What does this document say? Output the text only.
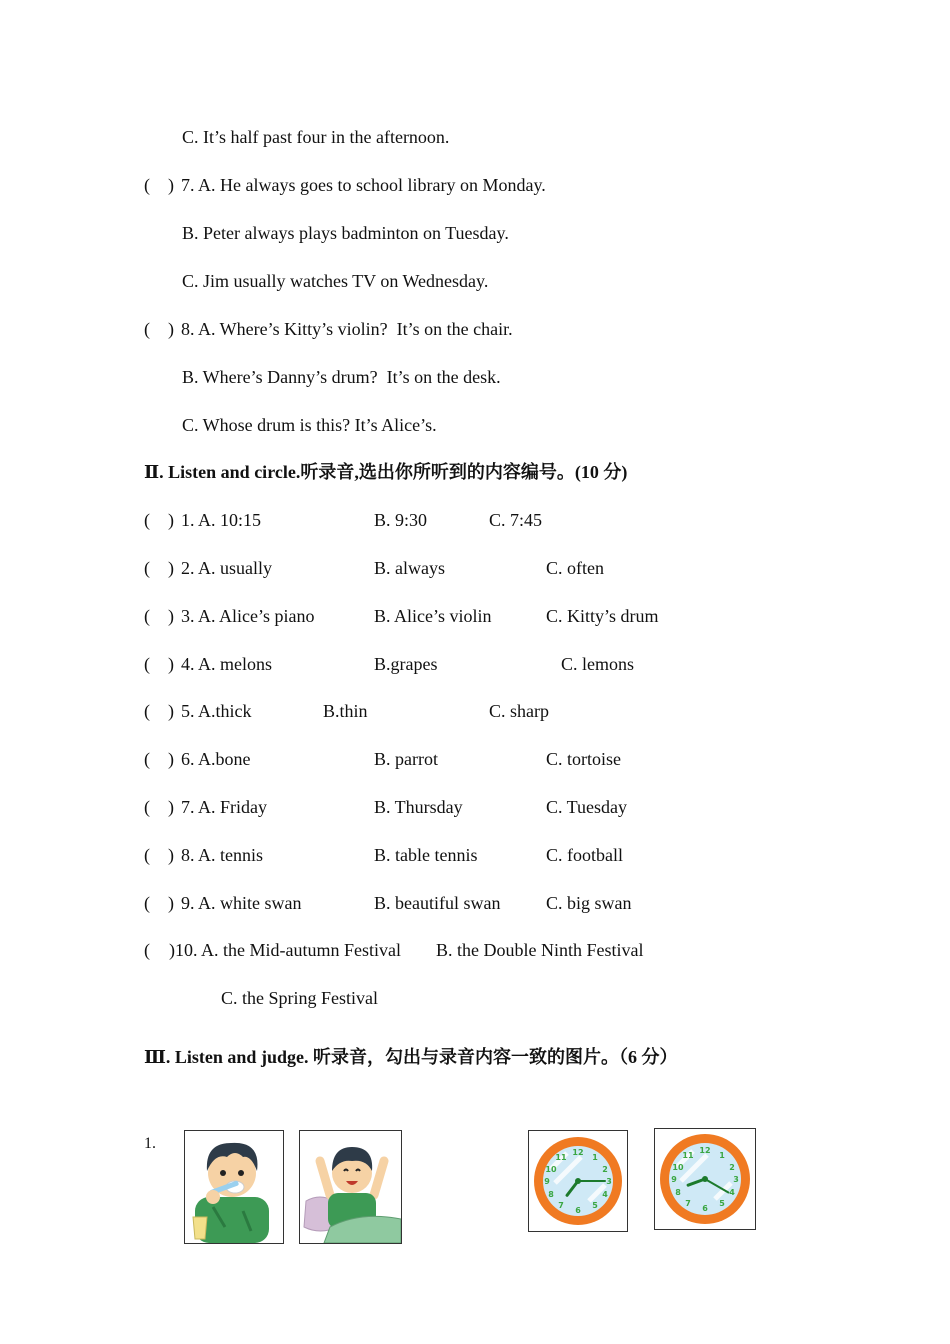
C. It’s half past four in the afternoon.
(    ) 7. A. He always goes to school library on Monday.
B. Peter always plays badminton on Tuesday.
C. Jim usually watches TV on Wednesday.
(    ) 8. A. Where’s Kitty’s violin?  It’s on the chair.
B. Where’s Danny’s drum?  It’s on the desk.
C. Whose drum is this? It’s Alice’s.
Ⅱ. Listen and circle.听录音,选出你所听到的内容编号。(10 分)
(    ) 1. A. 10:15	B. 9:30	C. 7:45
(    ) 2. A. usually	B. always	C. often
(    ) 3. A. Alice’s piano	B. Alice’s violin	C. Kitty’s drum
(    ) 4. A. melons	B.grapes	C. lemons
(    ) 5. A.thick	B.thin	C. sharp
(    ) 6. A.bone	B. parrot	C. tortoise
(    ) 7. A. Friday	B. Thursday	C. Tuesday
(    ) 8. A. tennis	B. table tennis	C. football
(    ) 9. A. white swan	B. beautiful swan	C. big swan
( )10. A. the Mid-autumn Festival B. the Double Ninth Festival
C. the Spring Festival
Ⅲ. Listen and judge. 听录音，勾出与录音内容一致的图片。（6 分）
1.
12
1
2
3
4
5
6
7
8
9
10
11
12
1
2
3
4
5
6
7
8
9
10
11
